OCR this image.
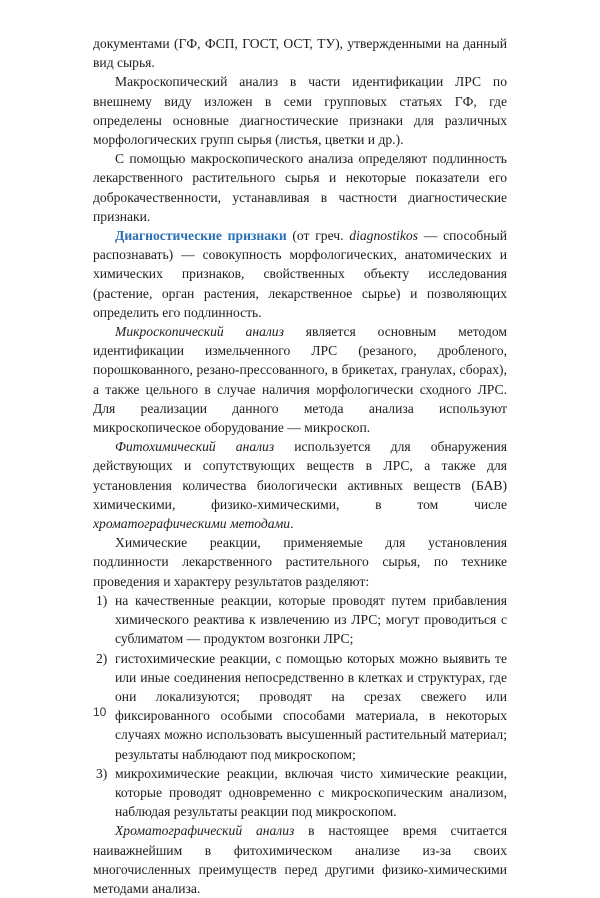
документами (ГФ, ФСП, ГОСТ, ОСТ, ТУ), утвержденными на данный вид сырья.

Макроскопический анализ в части идентификации ЛРС по внешнему виду изложен в семи групповых статьях ГФ, где определены основные диагностические признаки для различных морфологических групп сырья (листья, цветки и др.).

С помощью макроскопического анализа определяют подлинность лекарственного растительного сырья и некоторые показатели его доброкачественности, устанавливая в частности диагностические признаки.

Диагностические признаки (от греч. diagnostikos — способный распознавать) — совокупность морфологических, анатомических и химических признаков, свойственных объекту исследования (растение, орган растения, лекарственное сырье) и позволяющих определить его подлинность.

Микроскопический анализ является основным методом идентификации измельченного ЛРС (резаного, дробленого, порошкованного, резано-прессованного, в брикетах, гранулах, сборах), а также цельного в случае наличия морфологически сходного ЛРС. Для реализации данного метода анализа используют микроскопическое оборудование — микроскоп.

Фитохимический анализ используется для обнаружения действующих и сопутствующих веществ в ЛРС, а также для установления количества биологически активных веществ (БАВ) химическими, физико-химическими, в том числе хроматографическими методами.

Химические реакции, применяемые для установления подлинности лекарственного растительного сырья, по технике проведения и характеру результатов разделяют:

1) на качественные реакции, которые проводят путем прибавления химического реактива к извлечению из ЛРС; могут проводиться с сублиматом — продуктом возгонки ЛРС;
2) гистохимические реакции, с помощью которых можно выявить те или иные соединения непосредственно в клетках и структурах, где они локализуются; проводят на срезах свежего или фиксированного особыми способами материала, в некоторых случаях можно использовать высушенный растительный материал; результаты наблюдают под микроскопом;
3) микрохимические реакции, включая чисто химические реакции, которые проводят одновременно с микроскопическим анализом, наблюдая результаты реакции под микроскопом.

Хроматографический анализ в настоящее время считается наиважнейшим в фитохимическом анализе из-за своих многочисленных преимуществ перед другими физико-химическими методами анализа.

10
